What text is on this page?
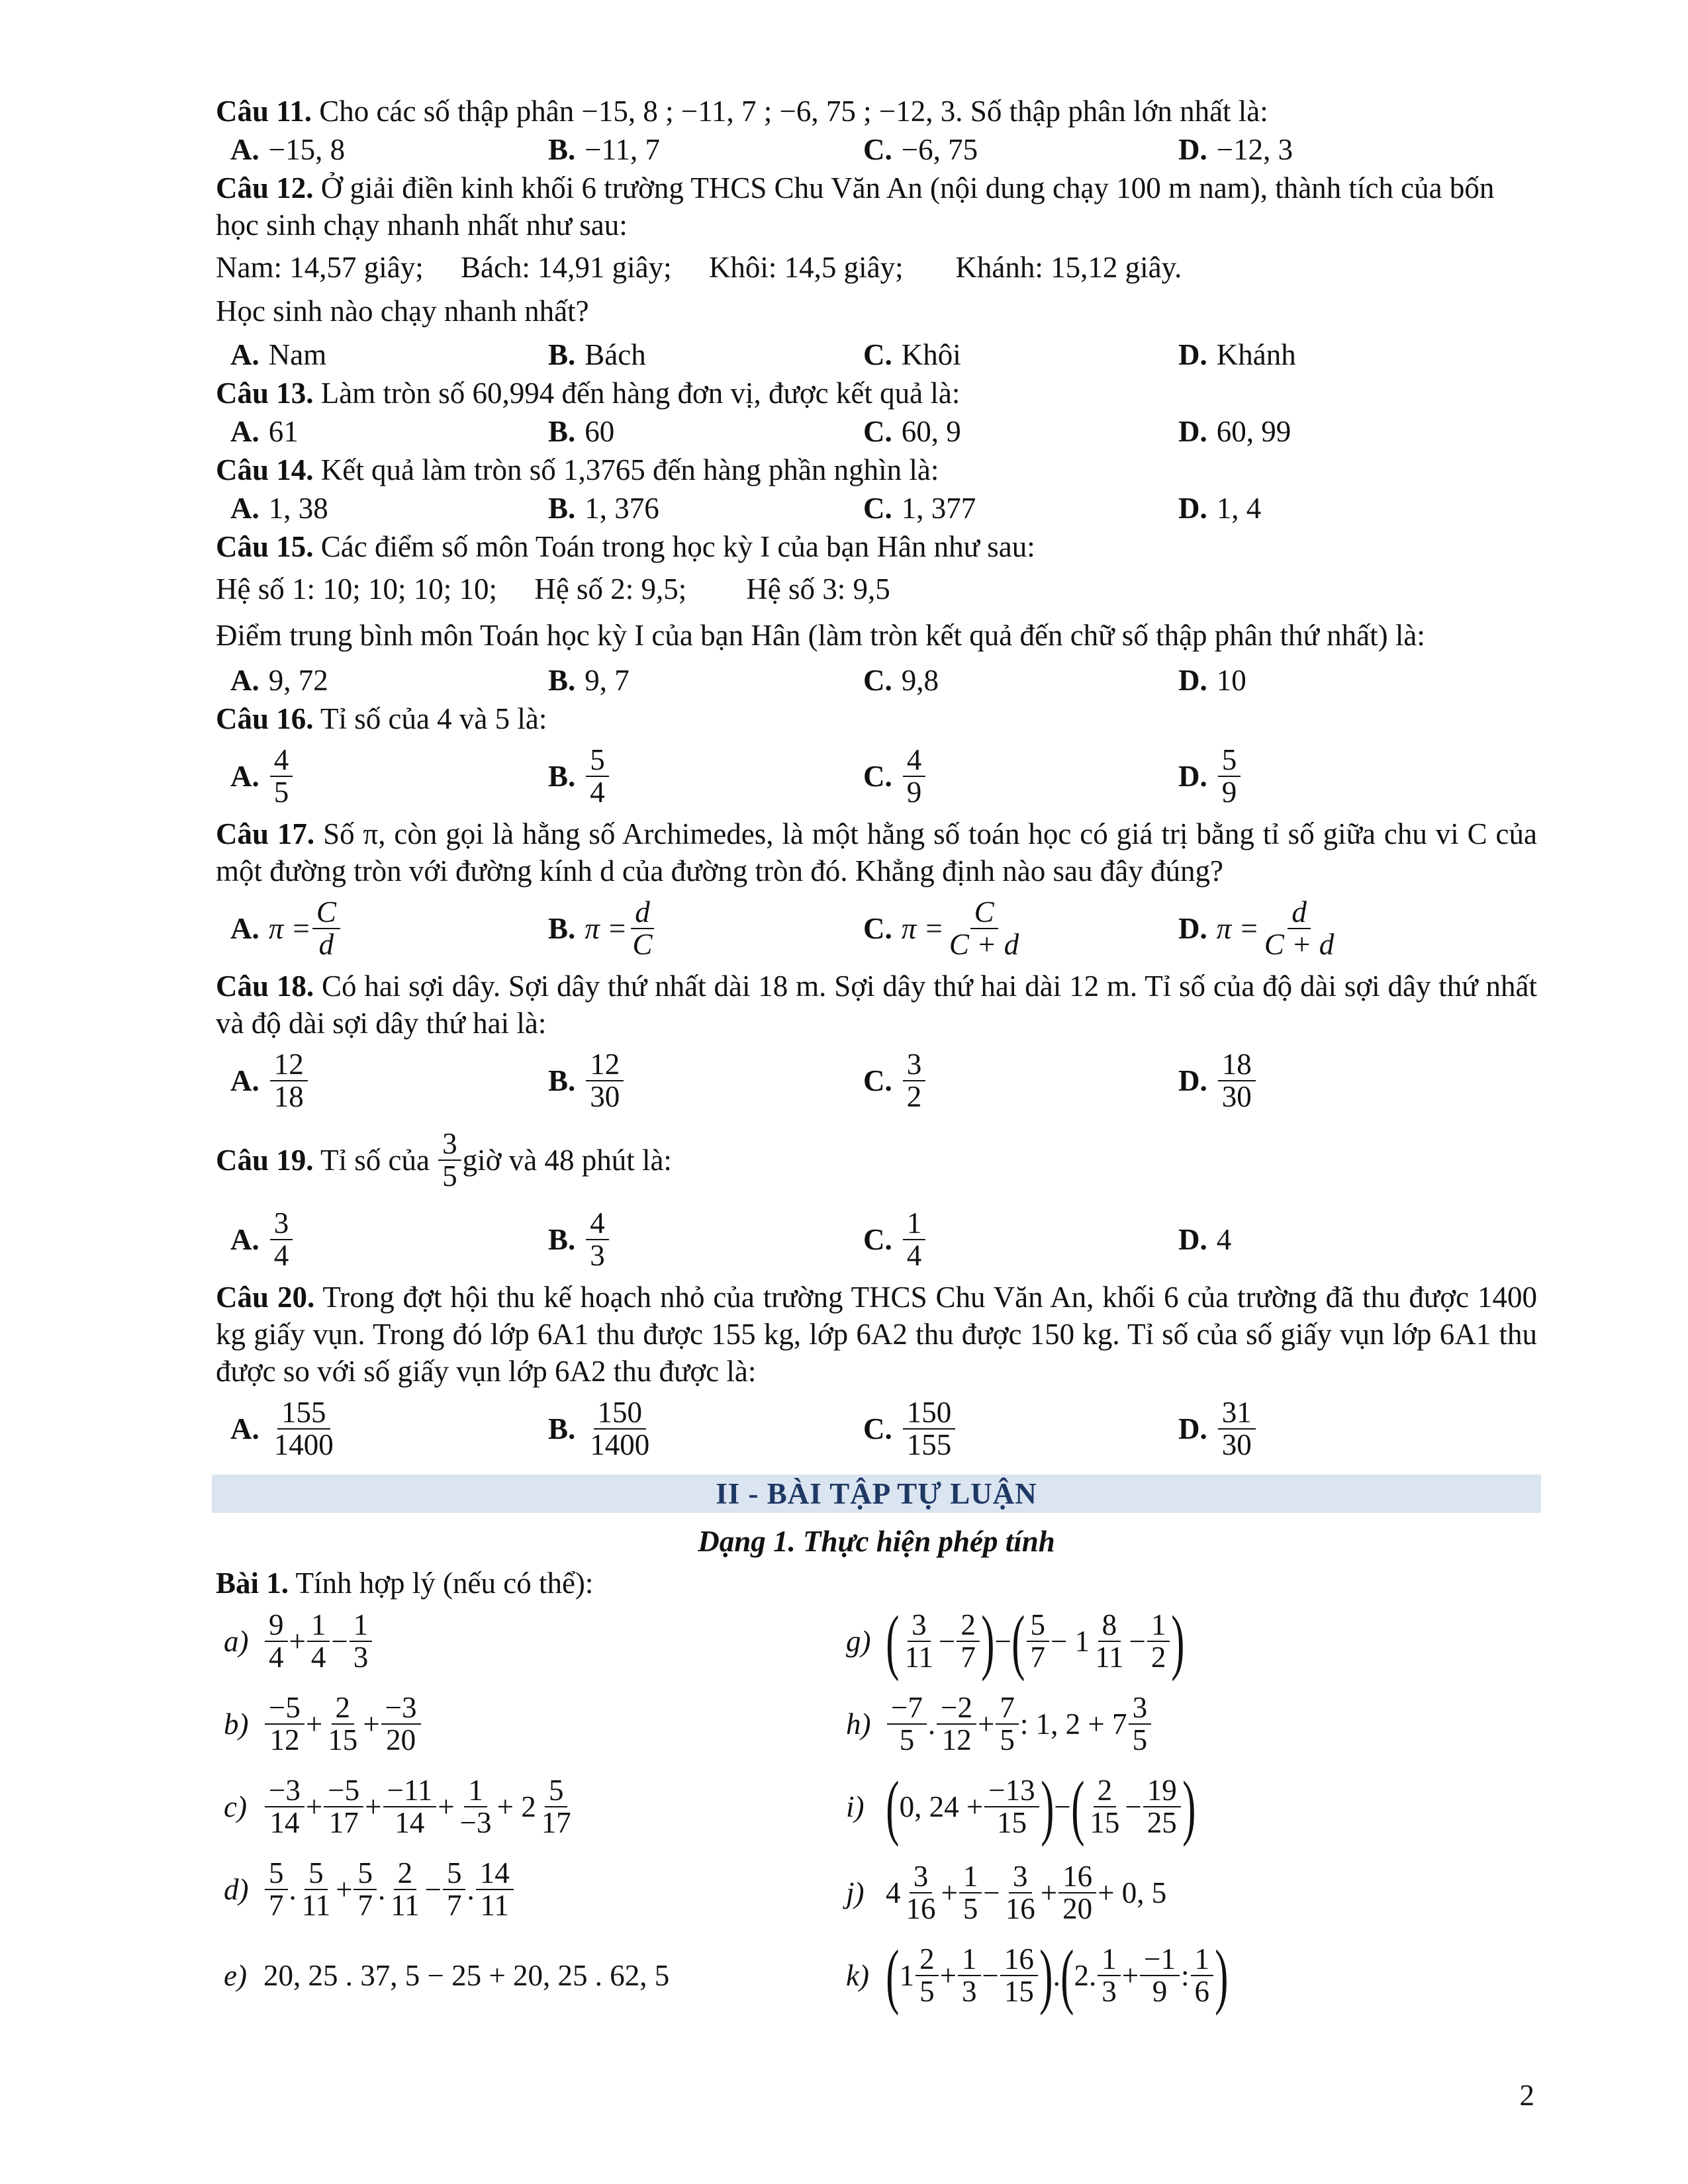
Câu 11. Cho các số thập phân −15, 8 ; −11, 7 ; −6, 75 ; −12, 3. Số thập phân lớn nhất là:
A. −15, 8	B. −11, 7	C. −6, 75	D. −12, 3
Câu 12. Ở giải điền kinh khối 6 trường THCS Chu Văn An (nội dung chạy 100 m nam), thành tích của bốn học sinh chạy nhanh nhất như sau:
Nam: 14,57 giây;     Bách: 14,91 giây;     Khôi: 14,5 giây;       Khánh: 15,12 giây.
Học sinh nào chạy nhanh nhất?
A. Nam	B. Bách	C. Khôi	D. Khánh
Câu 13. Làm tròn số 60,994 đến hàng đơn vị, được kết quả là:
A. 61	B. 60	C. 60, 9	D. 60, 99
Câu 14. Kết quả làm tròn số 1,3765 đến hàng phần nghìn là:
A. 1, 38	B. 1, 376	C. 1, 377	D. 1, 4
Câu 15. Các điểm số môn Toán trong học kỳ I của bạn Hân như sau:
Hệ số 1: 10; 10; 10; 10;     Hệ số 2: 9,5;        Hệ số 3: 9,5
Điểm trung bình môn Toán học kỳ I của bạn Hân (làm tròn kết quả đến chữ số thập phân thứ nhất) là:
A. 9, 72	B. 9, 7	C. 9,8	D. 10
Câu 16. Tỉ số của 4 và 5 là:
A.
4
5	B.
5
4	C.
4
9	D.
5
9
Câu 17. Số π, còn gọi là hằng số Archimedes, là một hằng số toán học có giá trị bằng tỉ số giữa chu vi C của một đường tròn với đường kính d của đường tròn đó. Khẳng định nào sau đây đúng?
A. $\pi = \frac{C}{d}$	B. $\pi = \frac{d}{C}$	C. $\pi = \frac{C}{C + d}$	D. $\pi = \frac{d}{C + d}$
Câu 18. Có hai sợi dây. Sợi dây thứ nhất dài 18 m. Sợi dây thứ hai dài 12 m. Tỉ số của độ dài sợi dây thứ nhất và độ dài sợi dây thứ hai là:
A.
12
18	B.
12
30	C.
3
2	D.
18
30
Câu 19. Tỉ số của
3
5 giờ và 48 phút là:
A.
3
4	B.
4
3	C.
1
4	D. 4
Câu 20. Trong đợt hội thu kế hoạch nhỏ của trường THCS Chu Văn An, khối 6 của trường đã thu được 1400 kg giấy vụn. Trong đó lớp 6A1 thu được 155 kg, lớp 6A2 thu được 150 kg. Tỉ số của số giấy vụn lớp 6A1 thu được so với số giấy vụn lớp 6A2 thu được là:
A.
155
1400	B.
150
1400	C.
150
155	D.
31
30
II - BÀI TẬP TỰ LUẬN
Dạng 1. Thực hiện phép tính
Bài 1. Tính hợp lý (nếu có thể):
a)
9
4 +
1
4 −
1
3
b)
−5
12 +
2
15 +
−3
20
c)
−3
14 +
−5
17 +
−11
14 +
1
−3 + 2
5
17
d)
5
7 .
5
11 +
5
7 .
2
11 −
5
7 .
14
11
e) 20, 25 . 37, 5 − 25 + 20, 25 . 62, 5
g) ( 3
11 −
2
7 ) − ( 5
7 − 1
8
11 −
1
2 )
h)
−7
5 .
−2
12 +
7
5 : 1, 2 + 7
3
5
i) ( 0, 24 +
−13
15 ) − ( 2
15 −
19
25 )
j) 4
3
16 +
1
5 −
3
16 +
16
20 + 0, 5
k) ( 1
2
5 +
1
3 −
16
15 ) . ( 2.
1
3 +
−1
9 :
1
6 )
2
